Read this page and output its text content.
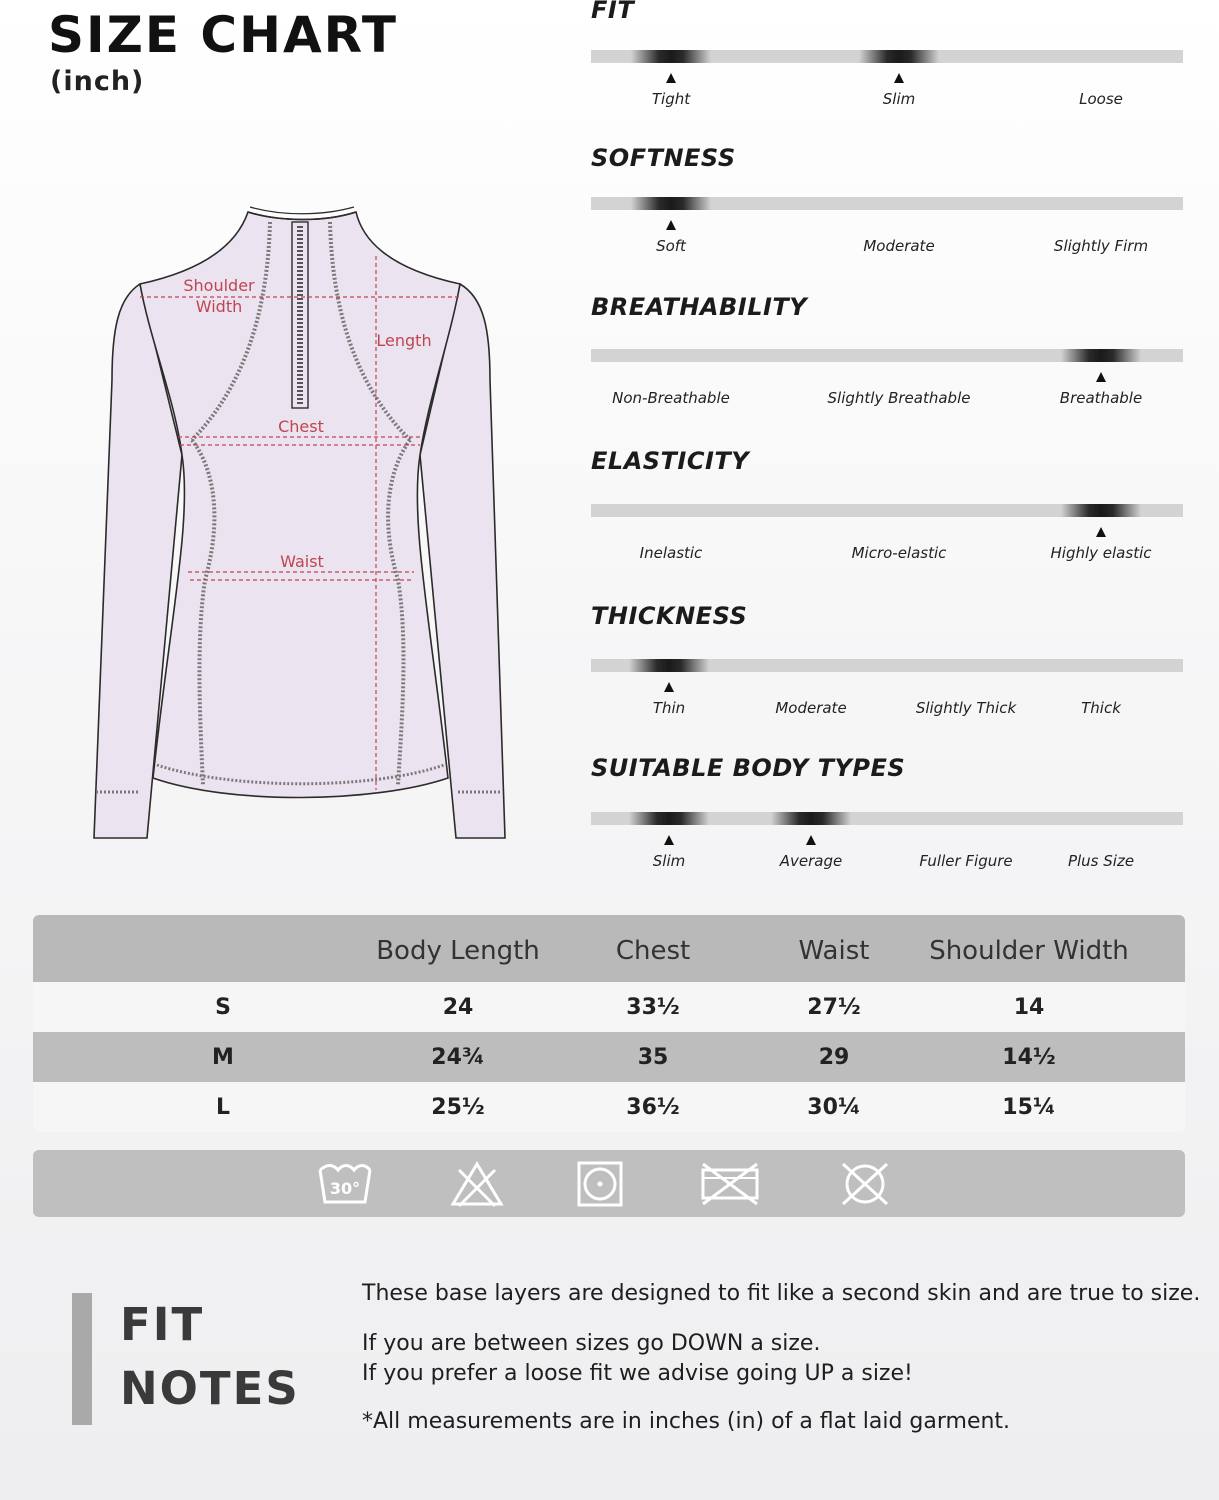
SIZE CHART
(inch)
Shoulder
Width
Length
Chest
Waist
FIT
Tight	Slim	Loose
SOFTNESS
Soft	Moderate	Slightly Firm
BREATHABILITY
Non-Breathable	Slightly Breathable	Breathable
ELASTICITY
Inelastic	Micro-elastic	Highly elastic
THICKNESS
Thin	Moderate	Slightly Thick	Thick
SUITABLE BODY TYPES
Slim	Average	Fuller Figure	Plus Size
Body Length	Chest	Waist	Shoulder Width
S	24	33½	27½	14
M	24¾	35	29	14½
L	25½	36½	30¼	15¼
30°
FIT
NOTES
These base layers are designed to fit like a second skin and are true to size.
If you are between sizes go DOWN a size.
If you prefer a loose fit we advise going UP a size!
*All measurements are in inches (in) of a flat laid garment.
